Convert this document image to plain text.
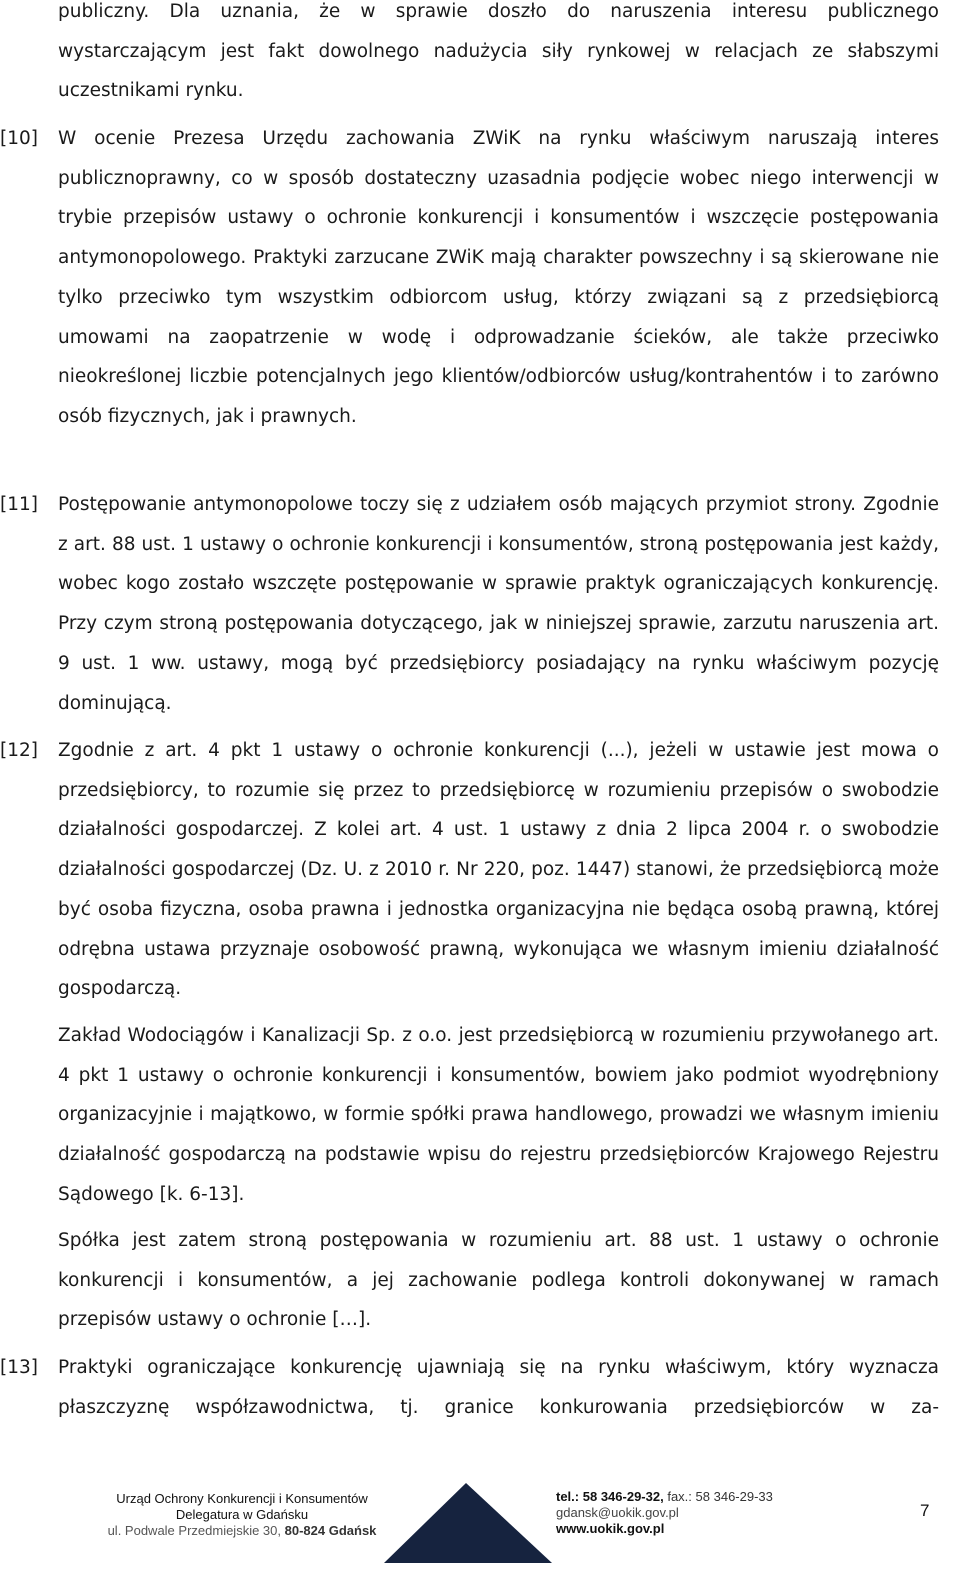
publiczny. Dla uznania, że w sprawie doszło do naruszenia interesu publicznego wystarczającym jest fakt dowolnego nadużycia siły rynkowej w relacjach ze słabszymi uczestnikami rynku.
[10] W ocenie Prezesa Urzędu zachowania ZWiK na rynku właściwym naruszają interes publicznoprawny, co w sposób dostateczny uzasadnia podjęcie wobec niego interwencji w trybie przepisów ustawy o ochronie konkurencji i konsumentów i wszczęcie postępowania antymonopolowego. Praktyki zarzucane ZWiK mają charakter powszechny i są skierowane nie tylko przeciwko tym wszystkim odbiorcom usług, którzy związani są z przedsiębiorcą umowami na zaopatrzenie w wodę i odprowadzanie ścieków, ale także przeciwko nieokreślonej liczbie potencjalnych jego klientów/odbiorców usług/kontrahentów i to zarówno osób fizycznych, jak i prawnych.
[11] Postępowanie antymonopolowe toczy się z udziałem osób mających przymiot strony. Zgodnie z art. 88 ust. 1 ustawy o ochronie konkurencji i konsumentów, stroną postępowania jest każdy, wobec kogo zostało wszczęte postępowanie w sprawie praktyk ograniczających konkurencję. Przy czym stroną postępowania dotyczącego, jak w niniejszej sprawie, zarzutu naruszenia art. 9 ust. 1 ww. ustawy, mogą być przedsiębiorcy posiadający na rynku właściwym pozycję dominującą.
[12] Zgodnie z art. 4 pkt 1 ustawy o ochronie konkurencji (...), jeżeli w ustawie jest mowa o przedsiębiorcy, to rozumie się przez to przedsiębiorcę w rozumieniu przepisów o swobodzie działalności gospodarczej. Z kolei art. 4 ust. 1 ustawy z dnia 2 lipca 2004 r. o swobodzie działalności gospodarczej (Dz. U. z 2010 r. Nr 220, poz. 1447) stanowi, że przedsiębiorcą może być osoba fizyczna, osoba prawna i jednostka organizacyjna nie będąca osobą prawną, której odrębna ustawa przyznaje osobowość prawną, wykonująca we własnym imieniu działalność gospodarczą.
Zakład Wodociągów i Kanalizacji Sp. z o.o. jest przedsiębiorcą w rozumieniu przywołanego art. 4 pkt 1 ustawy o ochronie konkurencji i konsumentów, bowiem jako podmiot wyodrębniony organizacyjnie i majątkowo, w formie spółki prawa handlowego, prowadzi we własnym imieniu działalność gospodarczą na podstawie wpisu do rejestru przedsiębiorców Krajowego Rejestru Sądowego [k. 6-13].
Spółka jest zatem stroną postępowania w rozumieniu art. 88 ust. 1 ustawy o ochronie konkurencji i konsumentów, a jej zachowanie podlega kontroli dokonywanej w ramach przepisów ustawy o ochronie […].
[13] Praktyki ograniczające konkurencję ujawniają się na rynku właściwym, który wyznacza płaszczyznę współzawodnictwa, tj. granice konkurowania przedsiębiorców w za-
Urząd Ochrony Konkurencji i Konsumentów
Delegatura w Gdańsku
ul. Podwale Przedmiejskie 30, 80-824 Gdańsk
tel.: 58 346-29-32, fax.: 58 346-29-33
gdansk@uokik.gov.pl
www.uokik.gov.pl
7
